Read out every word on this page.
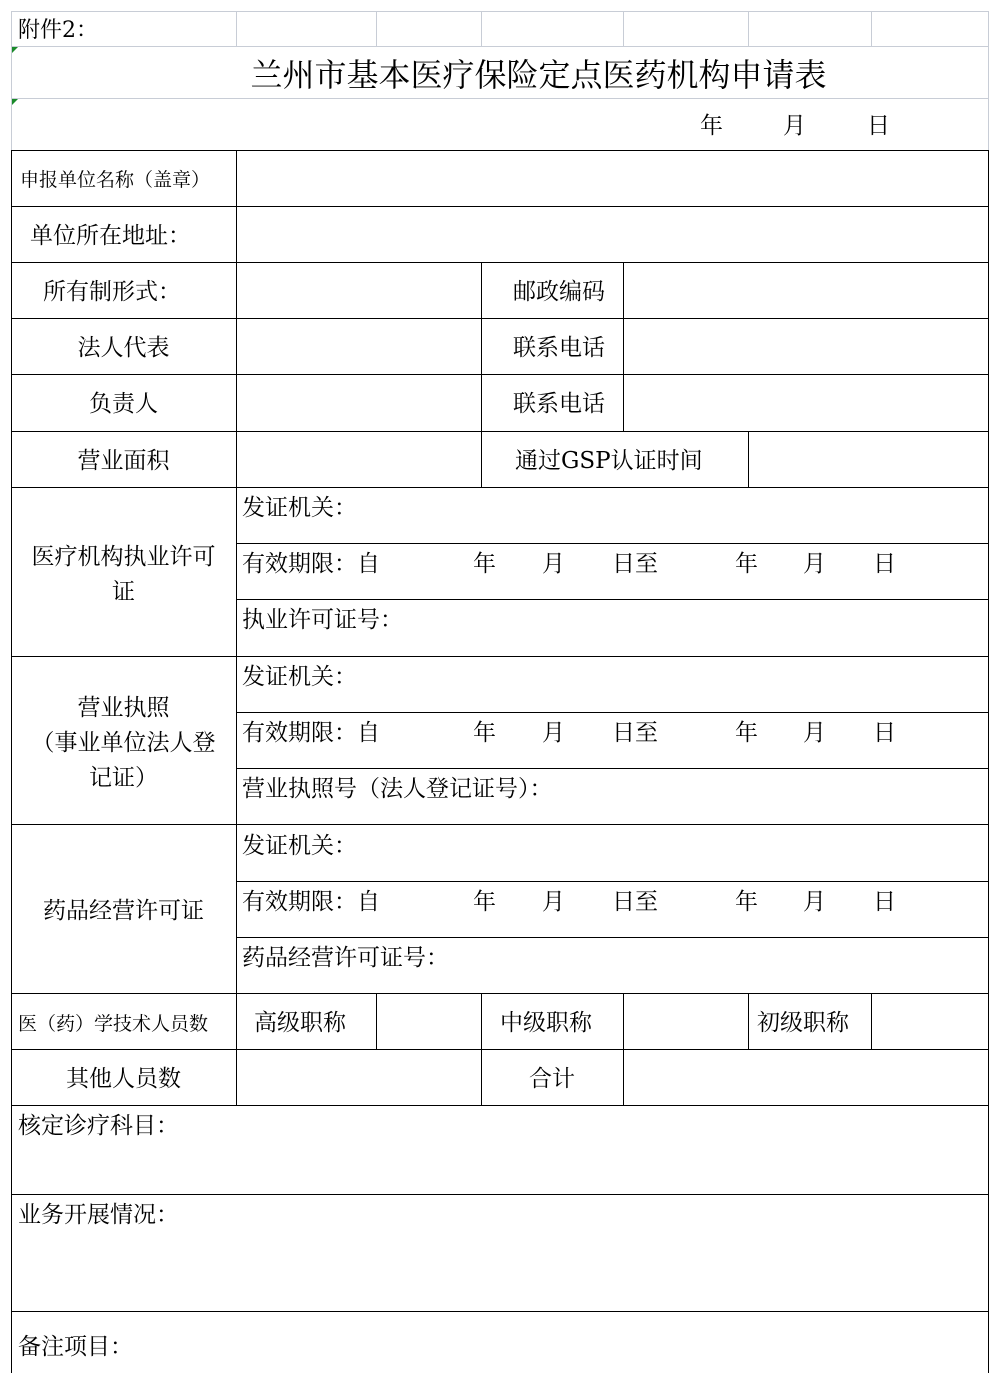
附件2：
兰州市基本医疗保险定点医药机构申请表
年	月	日
申报单位名称（盖章）
单位所在地址：
所有制形式：	邮政编码
法人代表	联系电话
负责人	联系电话
营业面积	通过GSP认证时间
医疗机构执业许可
证
发证机关：
有效期限：自	年 月 日至	年 月 日
执业许可证号：
营业执照
（事业单位法人登
记证）
发证机关：
有效期限：自	年 月 日至	年 月 日
营业执照号（法人登记证号）：
药品经营许可证
发证机关：
有效期限：自	年 月 日至	年 月 日
药品经营许可证号：
医（药）学技术人员数 高级职称	中级职称	初级职称
其他人员数	合计
核定诊疗科目：
业务开展情况：
备注项目：
